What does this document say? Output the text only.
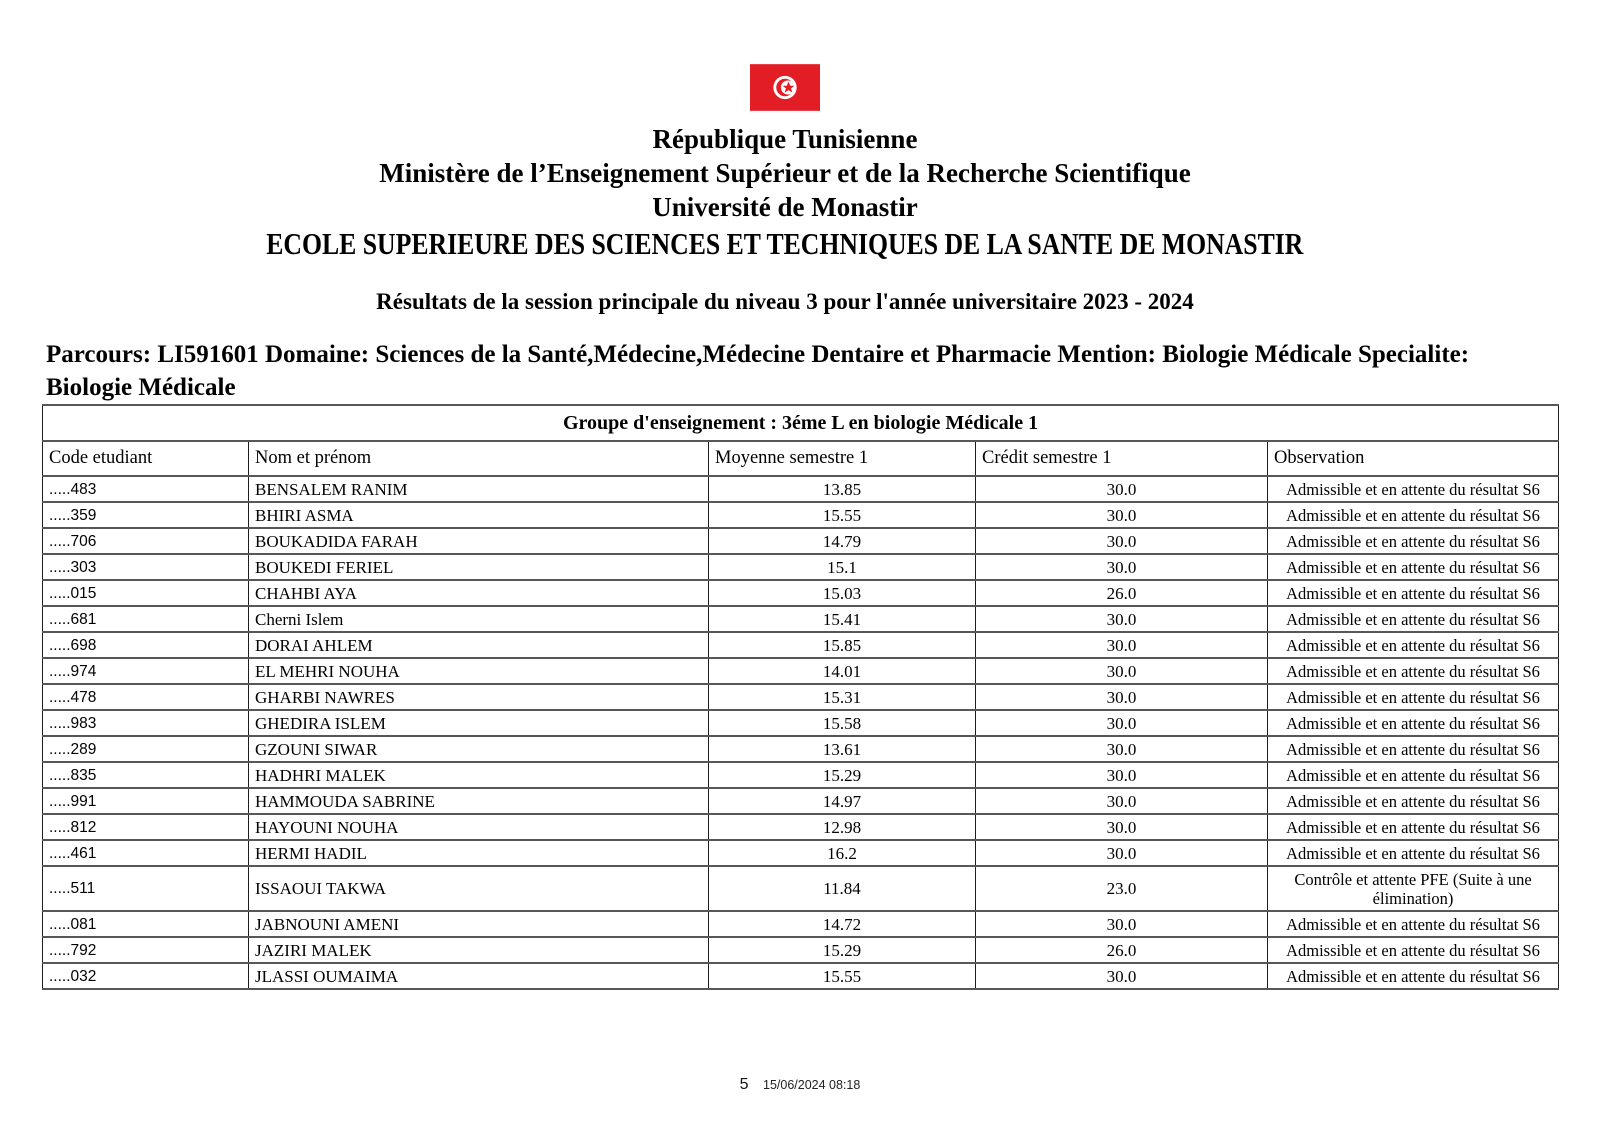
République Tunisienne
Ministère de l’Enseignement Supérieur et de la Recherche Scientifique
Université de Monastir
ECOLE SUPERIEURE DES SCIENCES ET TECHNIQUES DE LA SANTE DE MONASTIR
Résultats de la session principale du niveau 3 pour l'année universitaire 2023 - 2024
Parcours: LI591601 Domaine: Sciences de la Santé,Médecine,Médecine Dentaire et Pharmacie Mention: Biologie Médicale Specialite: Biologie Médicale
Groupe d'enseignement : 3éme L en biologie Médicale 1				
Code etudiant	Nom et prénom	Moyenne semestre 1	Crédit semestre 1	Observation
.....483	BENSALEM RANIM	13.85	30.0	Admissible et en attente du résultat S6
.....359	BHIRI ASMA	15.55	30.0	Admissible et en attente du résultat S6
.....706	BOUKADIDA FARAH	14.79	30.0	Admissible et en attente du résultat S6
.....303	BOUKEDI FERIEL	15.1	30.0	Admissible et en attente du résultat S6
.....015	CHAHBI AYA	15.03	26.0	Admissible et en attente du résultat S6
.....681	Cherni Islem	15.41	30.0	Admissible et en attente du résultat S6
.....698	DORAI AHLEM	15.85	30.0	Admissible et en attente du résultat S6
.....974	EL MEHRI NOUHA	14.01	30.0	Admissible et en attente du résultat S6
.....478	GHARBI NAWRES	15.31	30.0	Admissible et en attente du résultat S6
.....983	GHEDIRA ISLEM	15.58	30.0	Admissible et en attente du résultat S6
.....289	GZOUNI SIWAR	13.61	30.0	Admissible et en attente du résultat S6
.....835	HADHRI MALEK	15.29	30.0	Admissible et en attente du résultat S6
.....991	HAMMOUDA SABRINE	14.97	30.0	Admissible et en attente du résultat S6
.....812	HAYOUNI NOUHA	12.98	30.0	Admissible et en attente du résultat S6
.....461	HERMI HADIL	16.2	30.0	Admissible et en attente du résultat S6
.....511	ISSAOUI TAKWA	11.84	23.0	Contrôle et attente PFE (Suite à une élimination)
.....081	JABNOUNI AMENI	14.72	30.0	Admissible et en attente du résultat S6
.....792	JAZIRI MALEK	15.29	26.0	Admissible et en attente du résultat S6
.....032	JLASSI OUMAIMA	15.55	30.0	Admissible et en attente du résultat S6
5 15/06/2024 08:18
